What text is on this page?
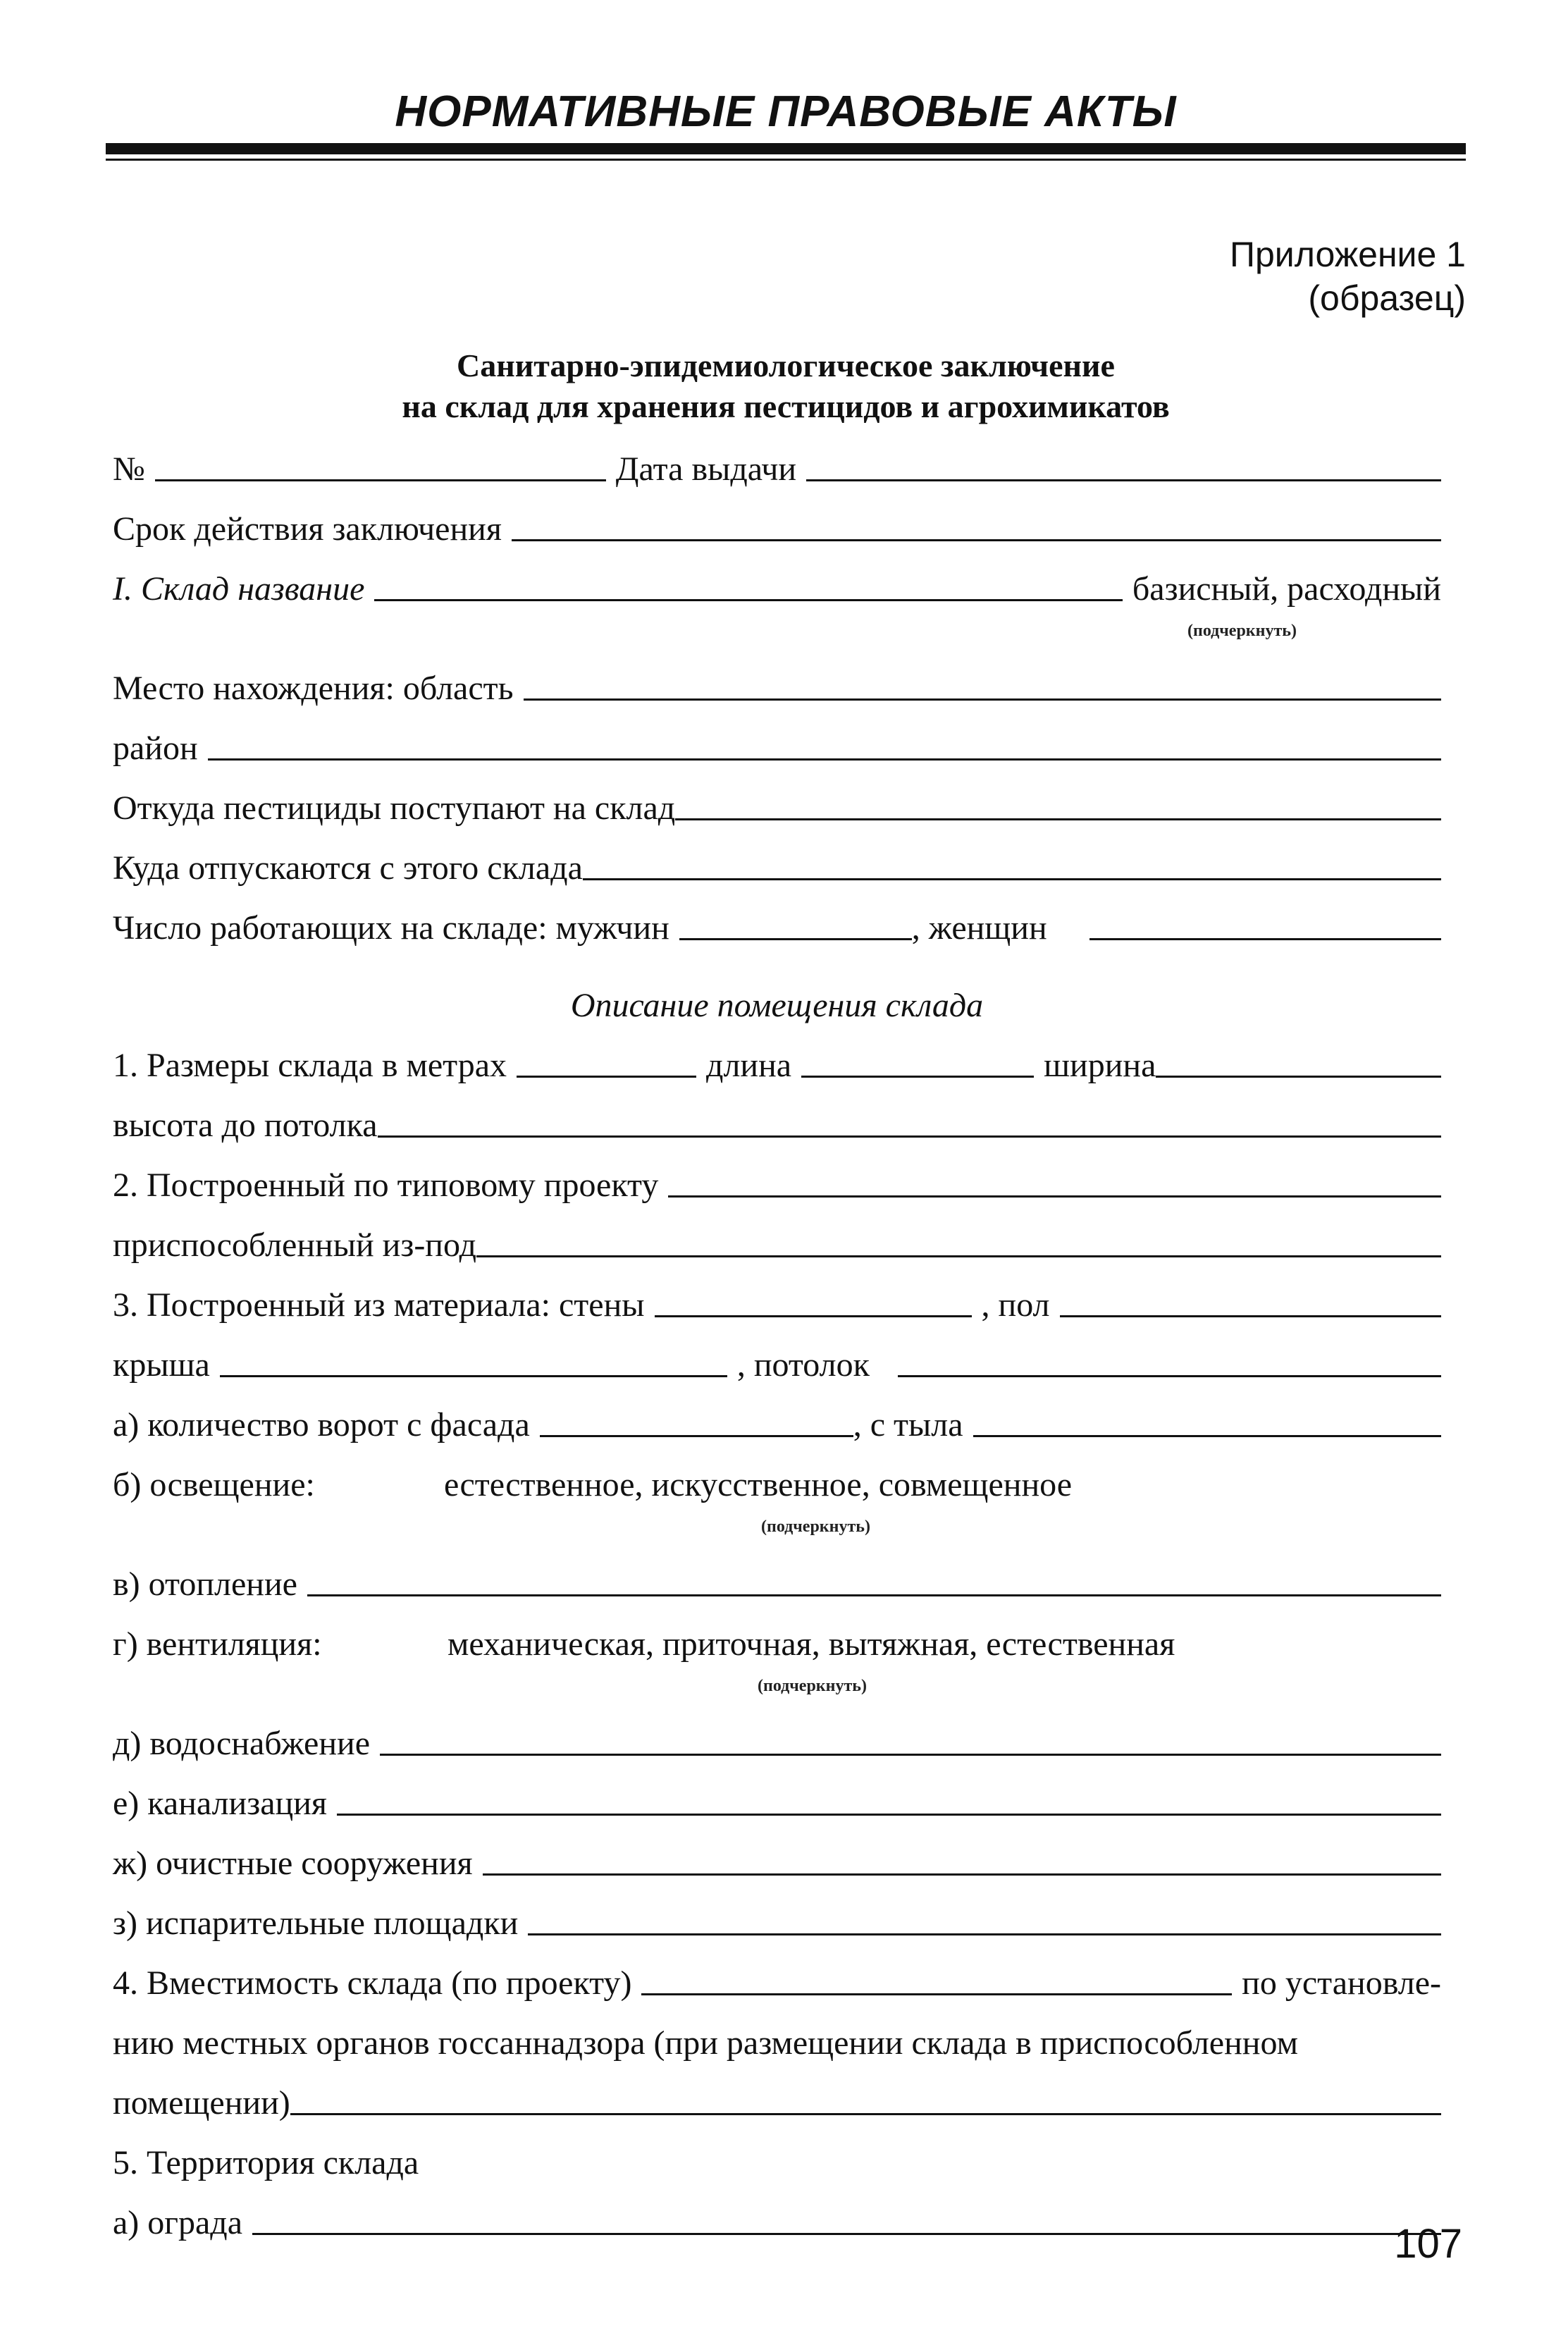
НОРМАТИВНЫЕ ПРАВОВЫЕ АКТЫ
Приложение 1
(образец)
Санитарно-эпидемиологическое заключение
на склад для хранения пестицидов и агрохимикатов
№	Дата выдачи
Срок действия заключения
I. Склад название	базисный, расходный
(подчеркнуть)
Место нахождения: область
район
Откуда пестициды поступают на склад
Куда отпускаются с этого склада
Число работающих на складе: мужчин	, женщин
Описание помещения склада
1. Размеры склада в метрах	длина	ширина
высота до потолка
2. Построенный по типовому проекту
приспособленный из-под
3. Построенный из материала: стены	, пол
крыша	, потолок
а) количество ворот с фасада	, с тыла
б) освещение:	естественное, искусственное, совмещенное
(подчеркнуть)
в) отопление
г) вентиляция:	механическая, приточная, вытяжная, естественная
(подчеркнуть)
д) водоснабжение
е) канализация
ж) очистные сооружения
з) испарительные площадки
4. Вместимость склада (по проекту)	по установле-
нию местных органов госсаннадзора (при размещении склада в приспособленном
помещении)
5. Территория склада
а) ограда	107
